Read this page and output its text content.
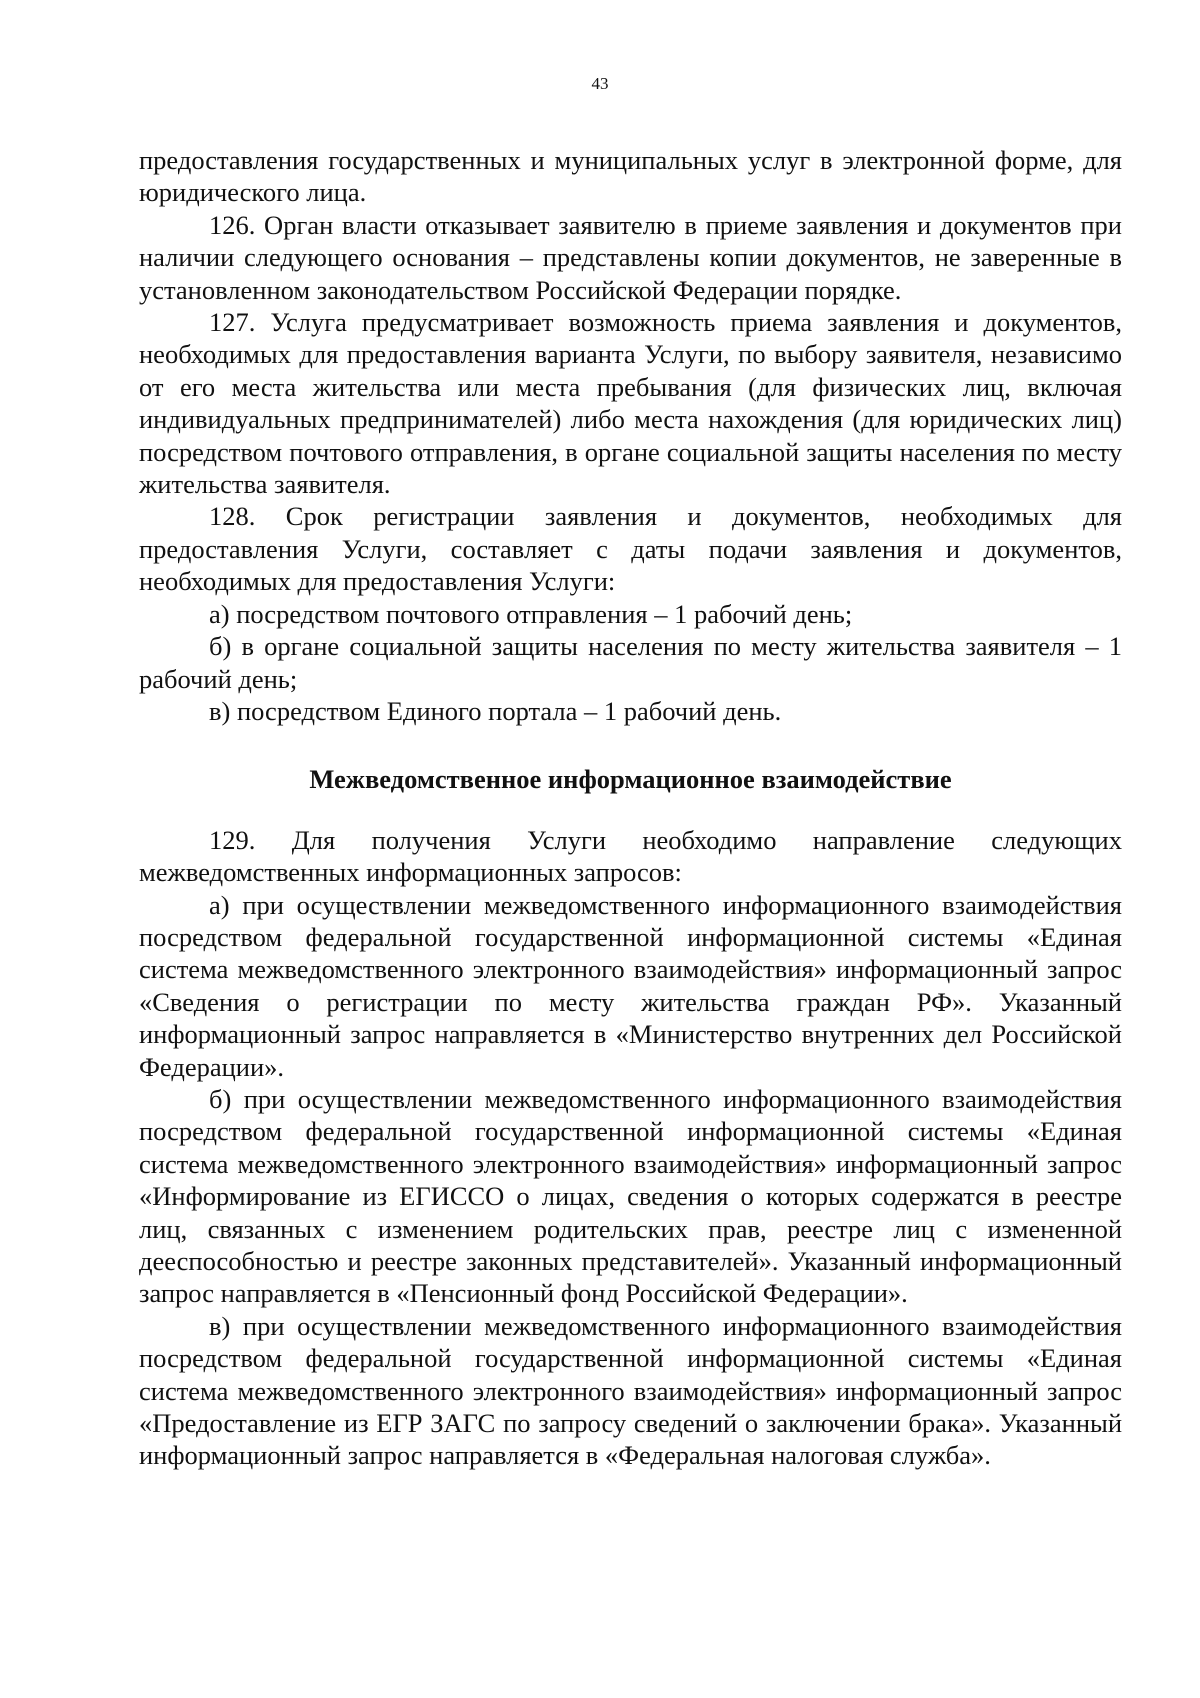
43

предоставления государственных и муниципальных услуг в электронной форме, для юридического лица.

126. Орган власти отказывает заявителю в приеме заявления и документов при наличии следующего основания – представлены копии документов, не заверенные в установленном законодательством Российской Федерации порядке.

127. Услуга предусматривает возможность приема заявления и документов, необходимых для предоставления варианта Услуги, по выбору заявителя, независимо от его места жительства или места пребывания (для физических лиц, включая индивидуальных предпринимателей) либо места нахождения (для юридических лиц) посредством почтового отправления, в органе социальной защиты населения по месту жительства заявителя.

128. Срок регистрации заявления и документов, необходимых для предоставления Услуги, составляет с даты подачи заявления и документов, необходимых для предоставления Услуги:

а) посредством почтового отправления – 1 рабочий день;

б) в органе социальной защиты населения по месту жительства заявителя – 1 рабочий день;

в) посредством Единого портала – 1 рабочий день.

Межведомственное информационное взаимодействие

129. Для получения Услуги необходимо направление следующих межведомственных информационных запросов:

а) при осуществлении межведомственного информационного взаимодействия посредством федеральной государственной информационной системы «Единая система межведомственного электронного взаимодействия» информационный запрос «Сведения о регистрации по месту жительства граждан РФ». Указанный информационный запрос направляется в «Министерство внутренних дел Российской Федерации».

б) при осуществлении межведомственного информационного взаимодействия посредством федеральной государственной информационной системы «Единая система межведомственного электронного взаимодействия» информационный запрос «Информирование из ЕГИССО о лицах, сведения о которых содержатся в реестре лиц, связанных с изменением родительских прав, реестре лиц с измененной дееспособностью и реестре законных представителей». Указанный информационный запрос направляется в «Пенсионный фонд Российской Федерации».

в) при осуществлении межведомственного информационного взаимодействия посредством федеральной государственной информационной системы «Единая система межведомственного электронного взаимодействия» информационный запрос «Предоставление из ЕГР ЗАГС по запросу сведений о заключении брака». Указанный информационный запрос направляется в «Федеральная налоговая служба».
